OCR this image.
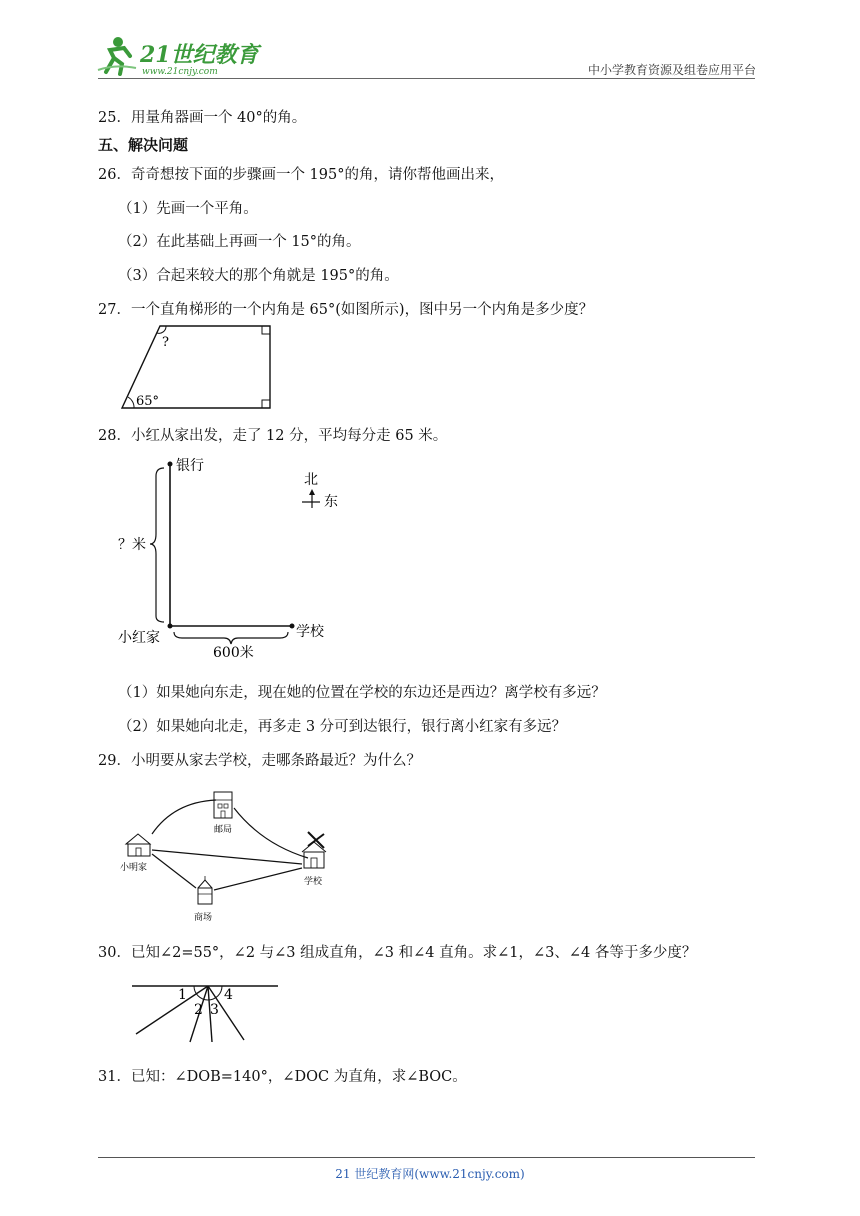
21世纪教育
www.21cnjy.com	中小学教育资源及组卷应用平台
25．用量角器画一个 40°的角。
五、解决问题
26．奇奇想按下面的步骤画一个 195°的角，请你帮他画出来，
（1）先画一个平角。
（2）在此基础上再画一个 15°的角。
（3）合起来较大的那个角就是 195°的角。
27．一个直角梯形的一个内角是 65°(如图所示)，图中另一个内角是多少度？
?
65°
28．小红从家出发，走了 12 分，平均每分走 65 米。
银行
学校
小红家
？米
600米
北
东
（1）如果她向东走，现在她的位置在学校的东边还是西边？离学校有多远？
（2）如果她向北走，再多走 3 分可到达银行，银行离小红家有多远？
29．小明要从家去学校，走哪条路最近？为什么？
小明家
邮局
学校
商场
30．已知∠2=55°，∠2 与∠3 组成直角，∠3 和∠4 直角。求∠1，∠3、∠4 各等于多少度？
1
2 3
4
31．已知：∠DOB=140°，∠DOC 为直角，求∠BOC。
21 世纪教育网(www.21cnjy.com)
